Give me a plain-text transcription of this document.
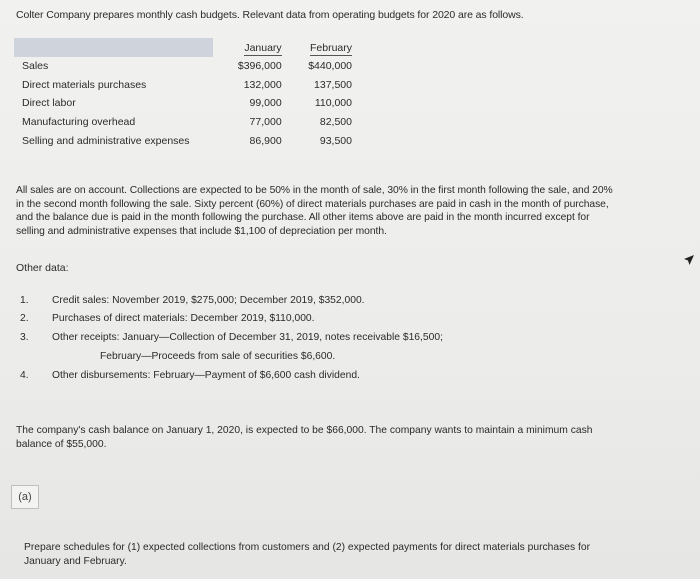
Colter Company prepares monthly cash budgets. Relevant data from operating budgets for 2020 are as follows.
	January	February
Sales	$396,000	$440,000
Direct materials purchases	132,000	137,500
Direct labor	99,000	110,000
Manufacturing overhead	77,000	82,500
Selling and administrative expenses	86,900	93,500
All sales are on account. Collections are expected to be 50% in the month of sale, 30% in the first month following the sale, and 20%
in the second month following the sale. Sixty percent (60%) of direct materials purchases are paid in cash in the month of purchase,
and the balance due is paid in the month following the purchase. All other items above are paid in the month incurred except for
selling and administrative expenses that include $1,100 of depreciation per month.
Other data:
1. Credit sales: November 2019, $275,000; December 2019, $352,000.
2. Purchases of direct materials: December 2019, $110,000.
3. Other receipts: January—Collection of December 31, 2019, notes receivable $16,500;
February—Proceeds from sale of securities $6,600.
4. Other disbursements: February—Payment of $6,600 cash dividend.
The company's cash balance on January 1, 2020, is expected to be $66,000. The company wants to maintain a minimum cash
balance of $55,000.
(a)
Prepare schedules for (1) expected collections from customers and (2) expected payments for direct materials purchases for
January and February.
